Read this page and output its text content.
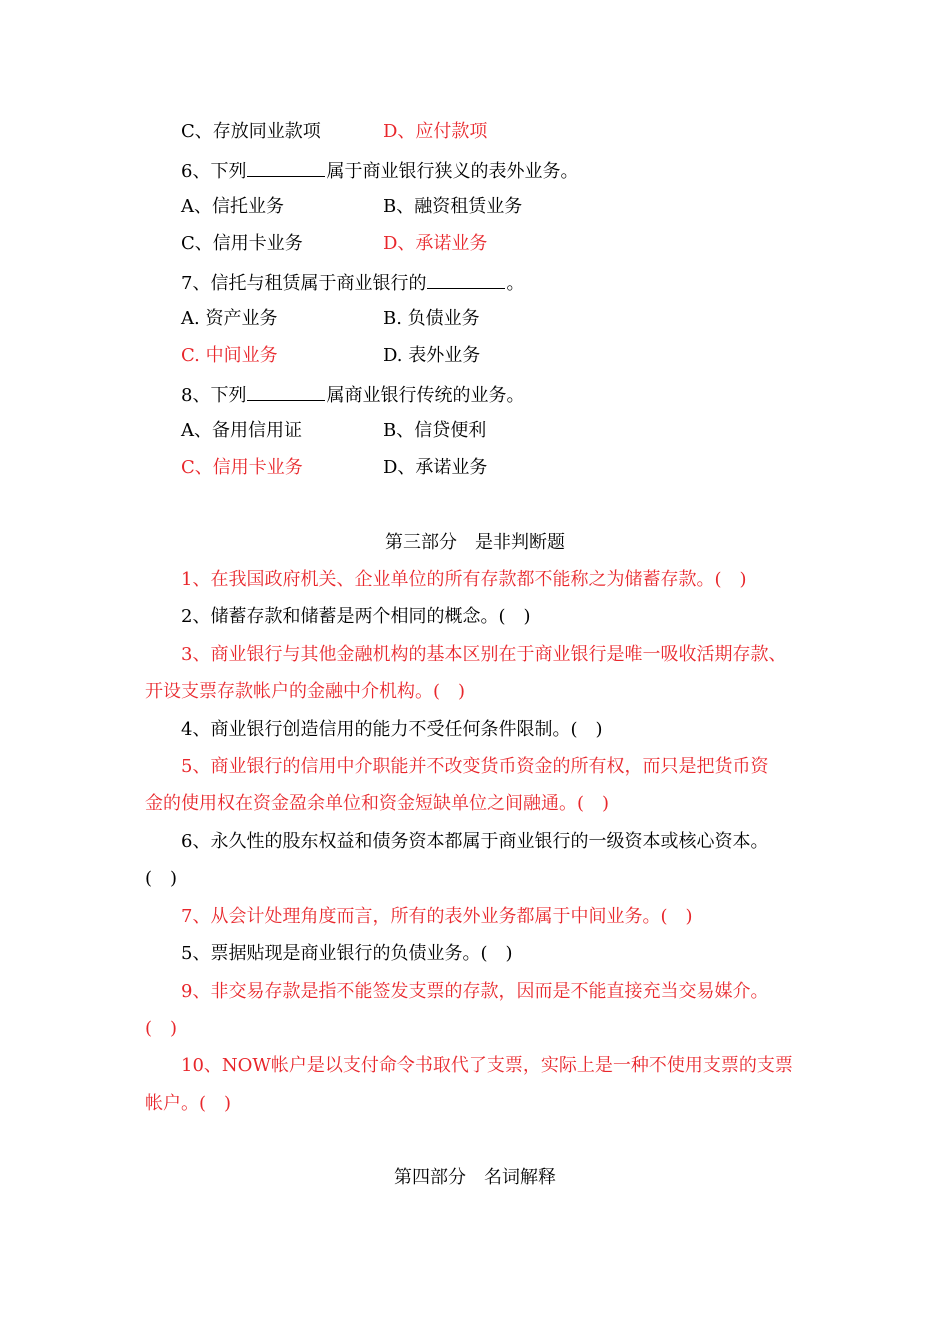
C、存放同业款项	D、应付款项
6、下列	属于商业银行狭义的表外业务。
A、信托业务	B、融资租赁业务
C、信用卡业务	D、承诺业务
7、信托与租赁属于商业银行的	。
A. 资产业务	B. 负债业务
C. 中间业务	D. 表外业务
8、下列	属商业银行传统的业务。
A、备用信用证	B、信贷便利
C、信用卡业务	D、承诺业务
第三部分　是非判断题
1、在我国政府机关、企业单位的所有存款都不能称之为储蓄存款。(　)
2、储蓄存款和储蓄是两个相同的概念。(　)
3、商业银行与其他金融机构的基本区别在于商业银行是唯一吸收活期存款、
开设支票存款帐户的金融中介机构。(　)
4、商业银行创造信用的能力不受任何条件限制。(　)
5、商业银行的信用中介职能并不改变货币资金的所有权，而只是把货币资
金的使用权在资金盈余单位和资金短缺单位之间融通。(　)
6、永久性的股东权益和债务资本都属于商业银行的一级资本或核心资本。
(　)
7、从会计处理角度而言，所有的表外业务都属于中间业务。(　)
5、票据贴现是商业银行的负债业务。(　)
9、非交易存款是指不能签发支票的存款，因而是不能直接充当交易媒介。
(　)
10、NOW帐户是以支付命令书取代了支票，实际上是一种不使用支票的支票
帐户。(　)
第四部分　名词解释
